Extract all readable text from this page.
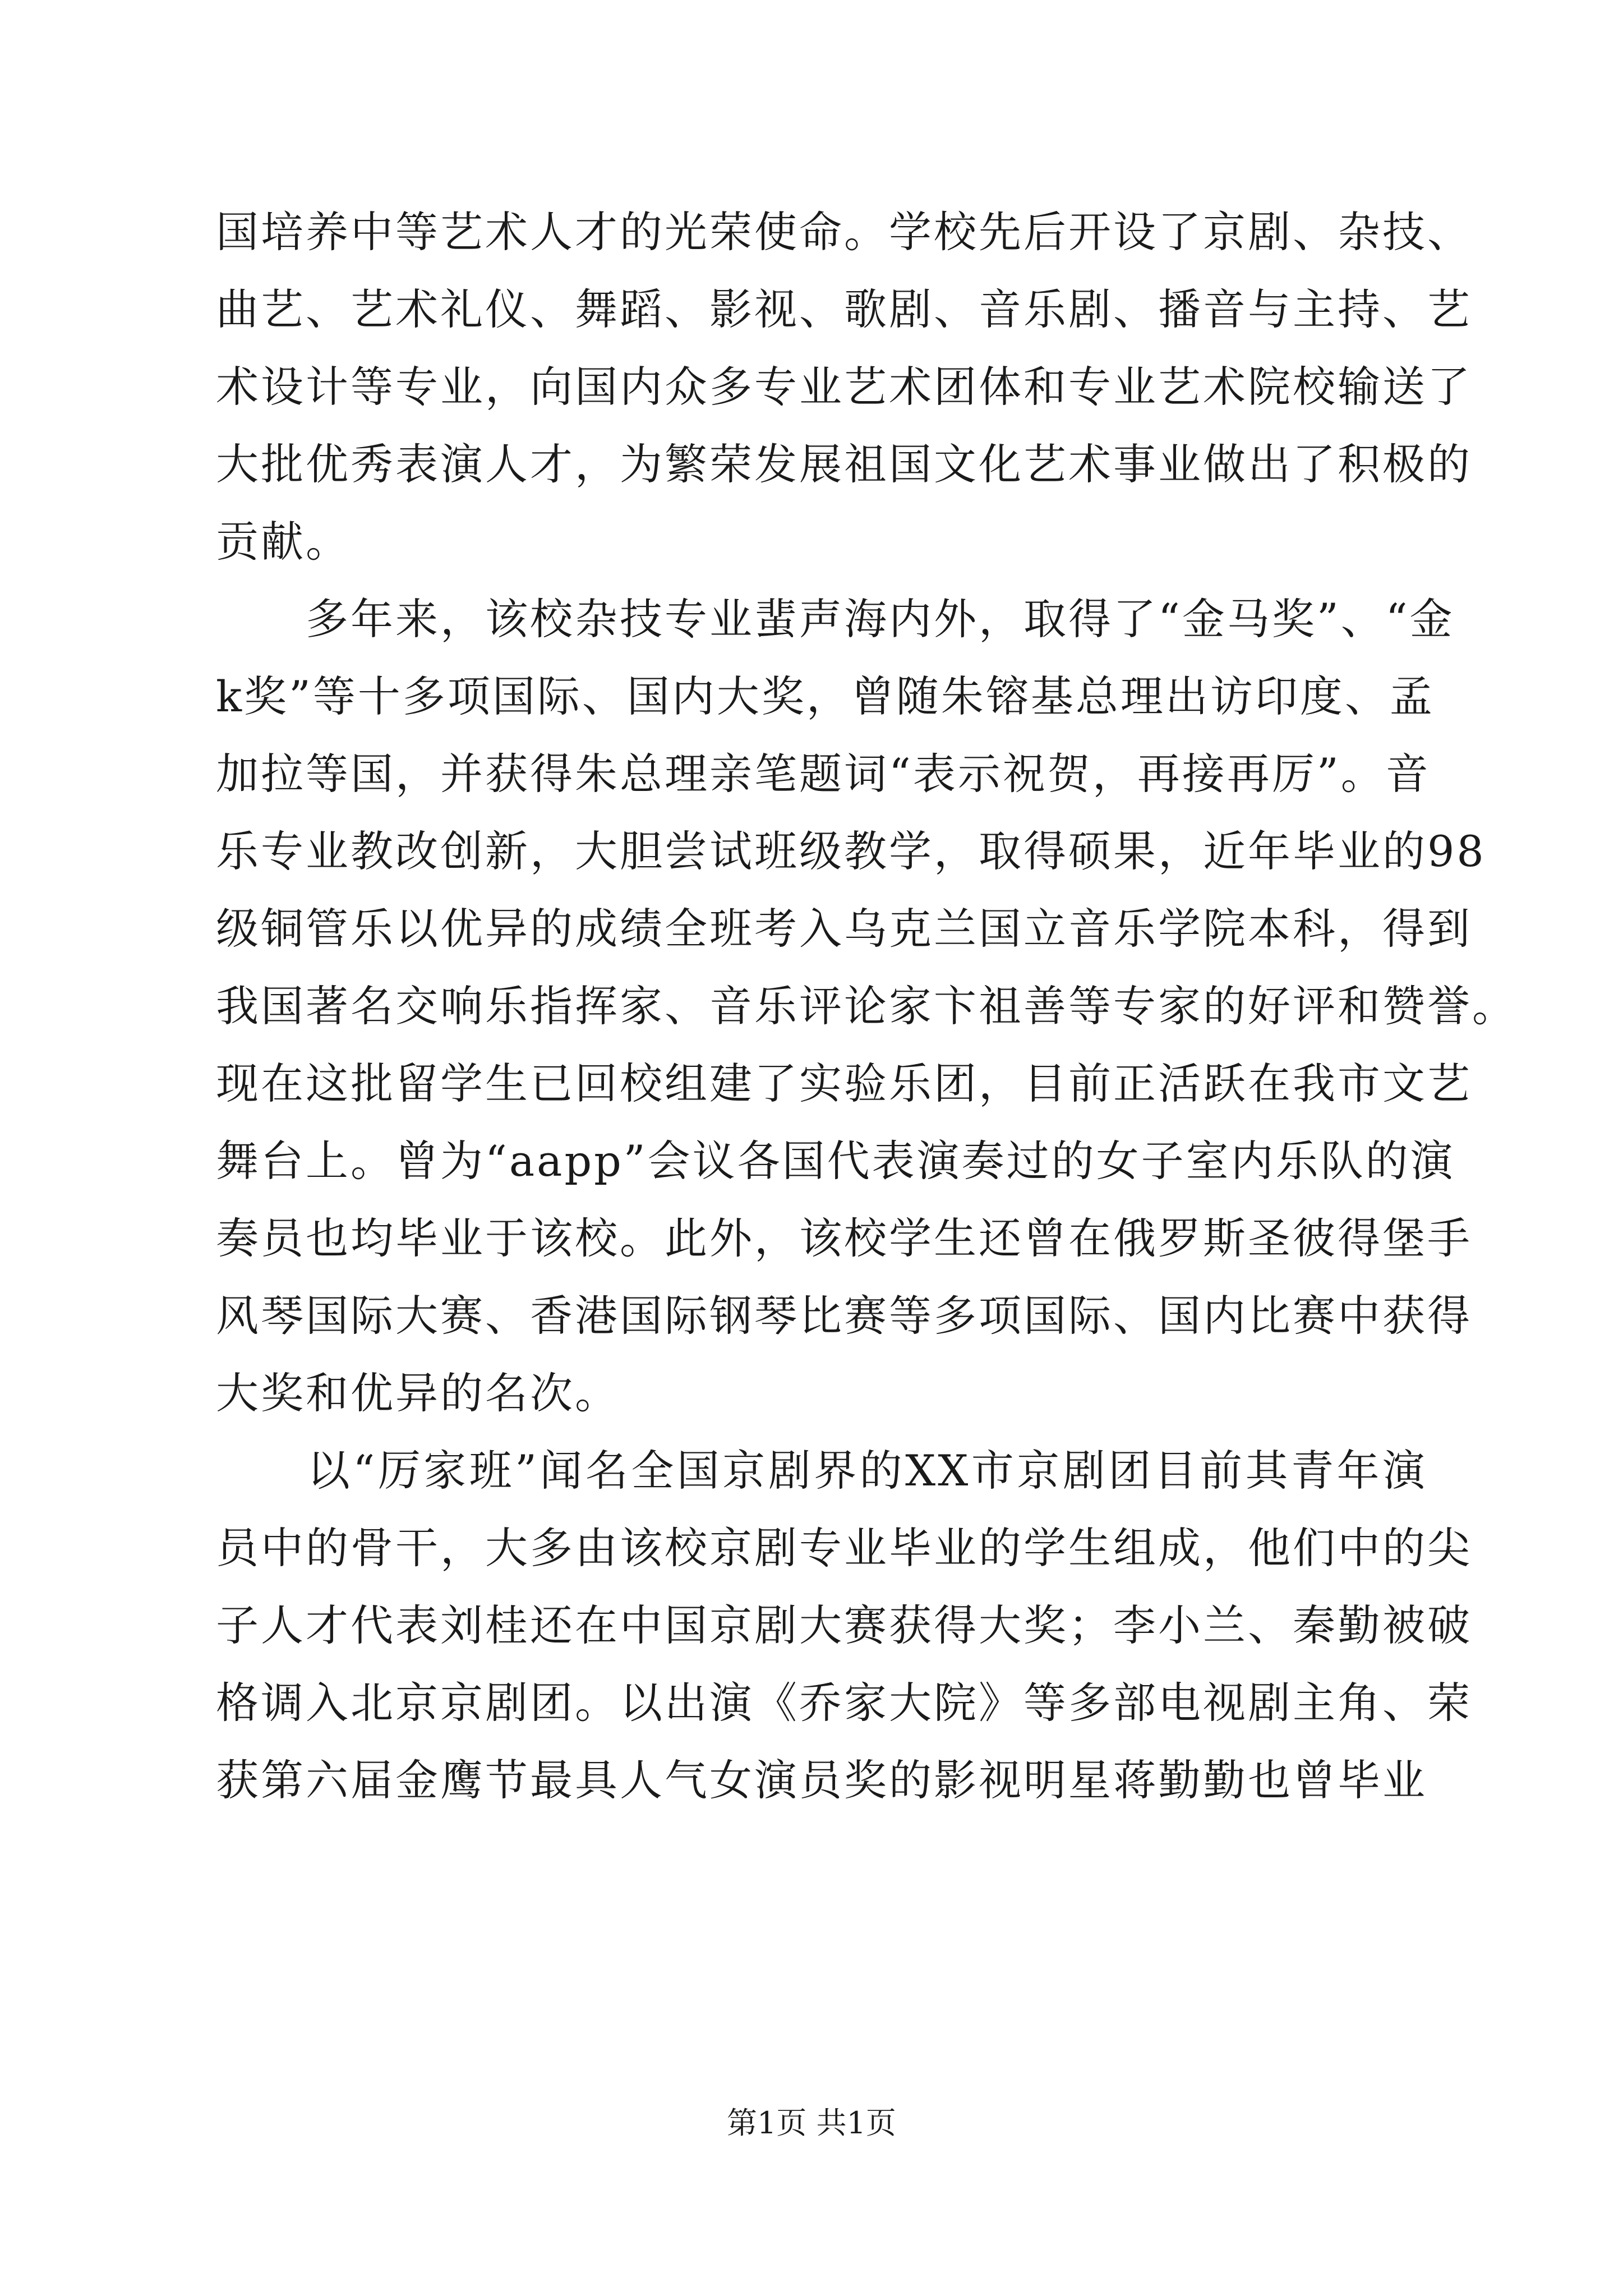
国培养中等艺术人才的光荣使命。学校先后开设了京剧、杂技、
曲艺、艺术礼仪、舞蹈、影视、歌剧、音乐剧、播音与主持、艺
术设计等专业，向国内众多专业艺术团体和专业艺术院校输送了
大批优秀表演人才，为繁荣发展祖国文化艺术事业做出了积极的
贡献。
　　多年来，该校杂技专业蜚声海内外，取得了“金马奖”、“金
k奖”等十多项国际、国内大奖，曾随朱镕基总理出访印度、孟
加拉等国，并获得朱总理亲笔题词“表示祝贺，再接再厉”。音
乐专业教改创新，大胆尝试班级教学，取得硕果，近年毕业的98
级铜管乐以优异的成绩全班考入乌克兰国立音乐学院本科，得到
我国著名交响乐指挥家、音乐评论家卞祖善等专家的好评和赞誉。
现在这批留学生已回校组建了实验乐团，目前正活跃在我市文艺
舞台上。曾为“aapp”会议各国代表演奏过的女子室内乐队的演
奏员也均毕业于该校。此外，该校学生还曾在俄罗斯圣彼得堡手
风琴国际大赛、香港国际钢琴比赛等多项国际、国内比赛中获得
大奖和优异的名次。
　　以“厉家班”闻名全国京剧界的XX市京剧团目前其青年演
员中的骨干，大多由该校京剧专业毕业的学生组成，他们中的尖
子人才代表刘桂还在中国京剧大赛获得大奖；李小兰、秦勤被破
格调入北京京剧团。以出演《乔家大院》等多部电视剧主角、荣
获第六届金鹰节最具人气女演员奖的影视明星蒋勤勤也曾毕业
第1页 共1页
